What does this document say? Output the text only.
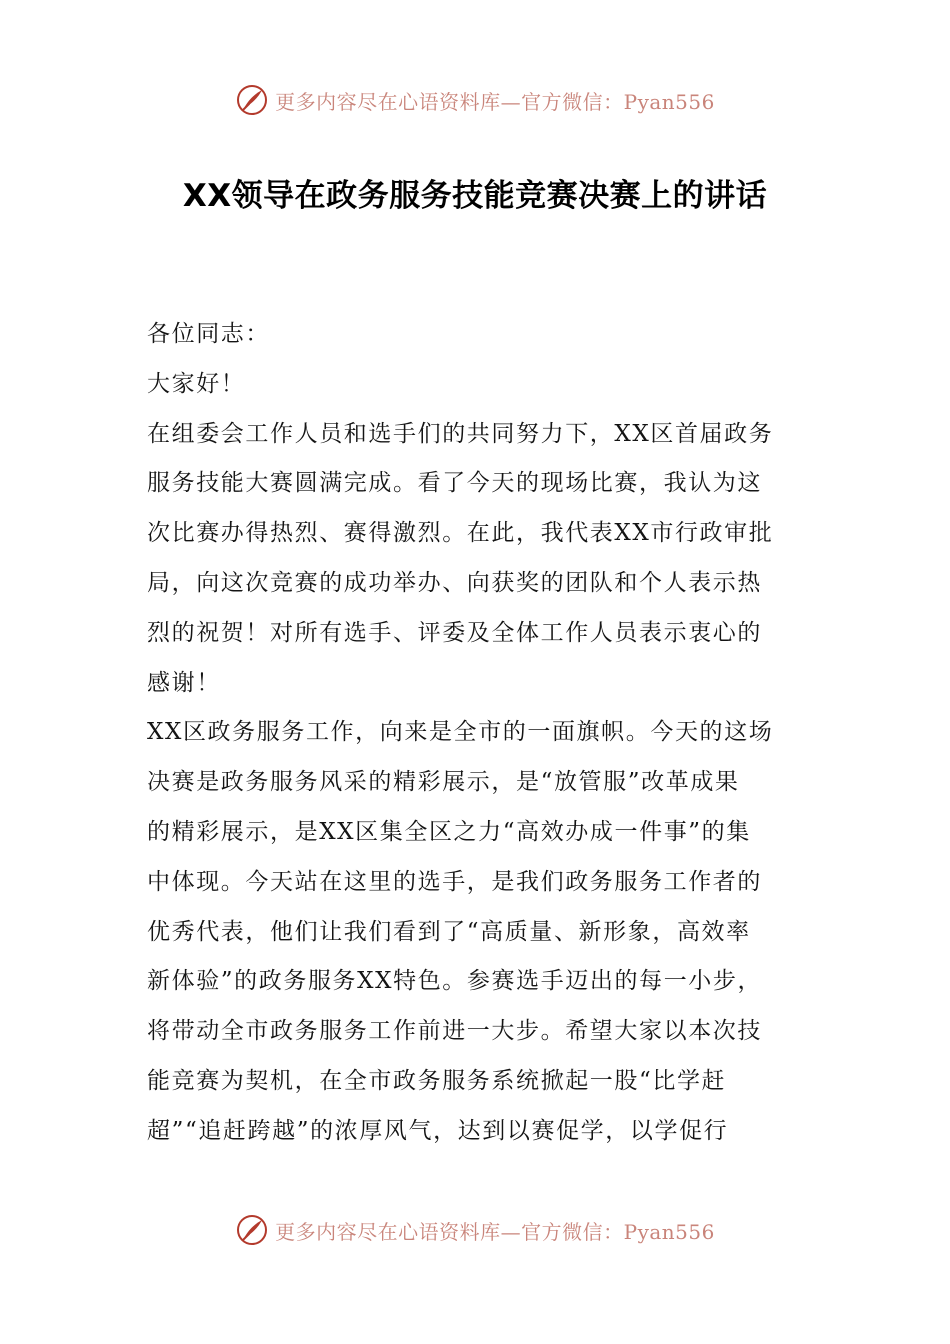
更多内容尽在心语资料库—官方微信：Pyan556
XX领导在政务服务技能竞赛决赛上的讲话
各位同志：
大家好！
在组委会工作人员和选手们的共同努力下，XX区首届政务
服务技能大赛圆满完成。看了今天的现场比赛，我认为这
次比赛办得热烈、赛得激烈。在此，我代表XX市行政审批
局，向这次竞赛的成功举办、向获奖的团队和个人表示热
烈的祝贺！对所有选手、评委及全体工作人员表示衷心的
感谢！
XX区政务服务工作，向来是全市的一面旗帜。今天的这场
决赛是政务服务风采的精彩展示，是“放管服”改革成果
的精彩展示，是XX区集全区之力“高效办成一件事”的集
中体现。今天站在这里的选手，是我们政务服务工作者的
优秀代表，他们让我们看到了“高质量、新形象，高效率
新体验”的政务服务XX特色。参赛选手迈出的每一小步，
将带动全市政务服务工作前进一大步。希望大家以本次技
能竞赛为契机，在全市政务服务系统掀起一股“比学赶
超”“追赶跨越”的浓厚风气，达到以赛促学，以学促行
更多内容尽在心语资料库—官方微信：Pyan556
